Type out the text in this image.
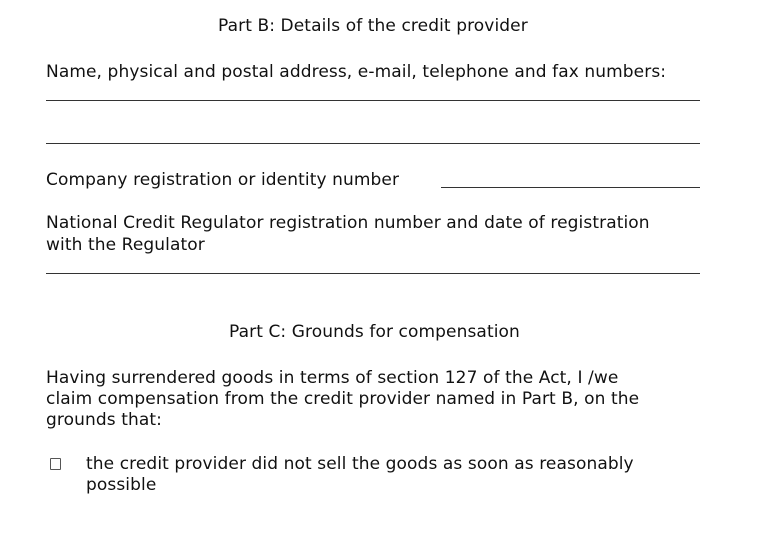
Part B: Details of the credit provider
Name, physical and postal address, e-mail, telephone and fax numbers:
Company registration or identity number
National Credit Regulator registration number and date of registration
with the Regulator
Part C: Grounds for compensation
Having surrendered goods in terms of section 127 of the Act, I /we
claim compensation from the credit provider named in Part B, on the
grounds that:
the credit provider did not sell the goods as soon as reasonably
possible
